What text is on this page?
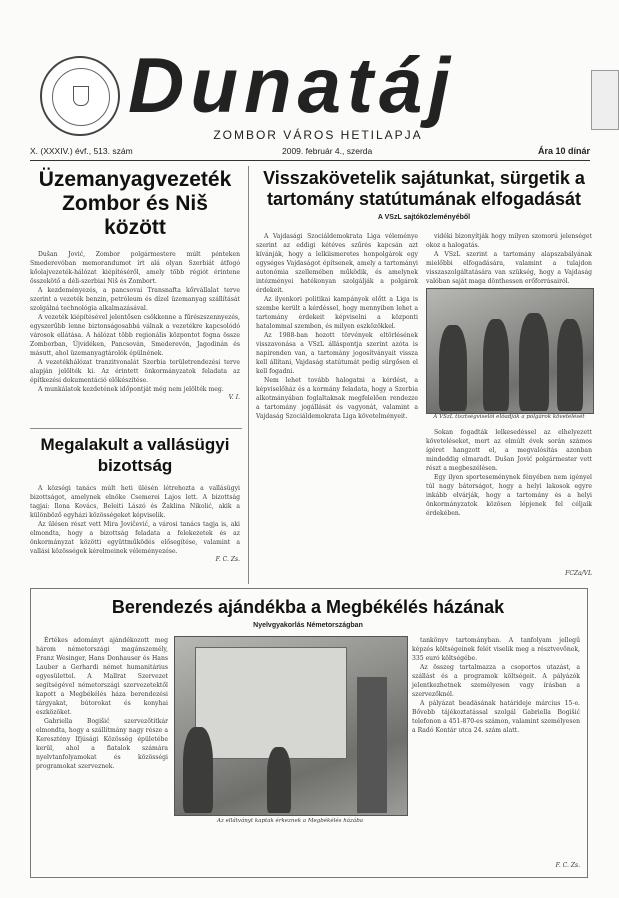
Dunatáj
ZOMBOR VÁROS HETILAPJA
X. (XXXIV.) évf., 513. szám	2009. február 4., szerda	Ára 10 dínár
Üzemanyagvezeték Zombor és Niš között

Dušan Jović, Zombor polgármestere múlt pénteken Smederevóban memorandumot írt alá olyan Szerbiát átfogó kőolajvezeték-hálózat kiépítéséről, amely több régiót érintene összekötő a déli-szerbiai Niš és Zombort.

A kezdeményezés, a pancsovai Transnafta kőrvállalat terve szerint a vezeték benzin, petróleum és dízel üzemanyag szállítását szolgálná technológia alkalmazásával.

A vezeték kiépítésével jelentősen csökkenne a fűrészszennyezés, egyszerűbb lenne biztonságosabbá válnak a vezetékre kapcsolódó városok ellátása. A hálózat több regionális központot fogna össze Zomborban, Újvidéken, Pancsován, Smederevón, Jagodinán és másutt, ahol üzemanyagtárolók épülnének.

A vezetékhálózat tranzitvonalát Szerbia területrendezési terve alapján jelölték ki. Az érintett önkormányzatok feladata az építkezési dokumentáció előkészítése.

A munkálatok kezdetének időpontját még nem jelölték meg.

V. I.
Megalakult a vallásügyi bizottság

A községi tanács múlt heti ülésén létrehozta a vallásügyi bizottságot, amelynek elnöke Csemerei Lajos lett. A bizottság tagjai: Ilona Kovács, Beleiti Lászó és Žaklina Nikolić, akik a különböző egyházi közösségeket képviselik.

Az ülésen részt vett Mira Jovičević, a városi tanács tagja is, aki elmondta, hogy a bizottság feladata a felekezetek és az önkormányzat közötti együttműködés elősegítése, valamint a vallási közösségek kérelmeinek véleményezése.

F. C. Zs.
Visszakövetelik sajátunkat, sürgetik a tartomány statútumának elfogadását
A VSzL sajtóközleményéből

A Vajdasági Szociáldemokrata Liga véleménye szerint az eddigi kétéves szűrés kapcsán azt kívánják, hogy a lelkiismeretes honpolgárok egy egységes Vajdaságot építsenek, amely a tartományi autonómia szellemében működik, és amelynek intézményei hatékonyan szolgálják a polgárok érdekeit.

Az ilyenkori politikai kampányok előtt a Liga is szembe került a kérdéssel, hogy mennyiben lehet a tartomány érdekeit képviselni a központi hatalommal szemben, és milyen eszközökkel.

Az 1988-ban hozott törvények eltörlésének visszavonása a VSzL álláspontja szerint azóta is napirenden van, a tartomány jogosítványait vissza kell állítani, Vajdaság statútumát pedig sürgősen el kell fogadni.

Nem lehet tovább halogatni a kérdést, a képviselőház és a kormány feladata, hogy a Szerbia alkotmányában foglaltaknak megfelelően rendezze a tartomány jogállását és vagyonát, valamint a Vajdaság Szociáldemokrata Liga követelményeit.

vidéki bizonyítják hogy milyen szomorú jelenséget okoz a halogatás.

A VSzL szerint a tartomány alapszabályának mielőbbi elfogadására, valamint a tulajdon visszaszolgáltatására van szükség, hogy a Vajdaság valóban saját maga dönthessen erőforrásairól.

A VSzL tisztségviselői előadják a polgárok követelését

Sokan fogadták lelkesedéssel az elhelyezett követeléseket, mert az elmúlt évek során számos ígéret hangzott el, a megvalósítás azonban mindeddig elmaradt. Dušan Jović polgármester vett részt a megbeszélésen.

Egy ilyen sporteseménynek fényében nem igényel túl nagy bátorságot, hogy a helyi lakosok egyre inkább elvárják, hogy a tartomány és a helyi önkormányzatok közösen lépjenek fel céljaik érdekében.

FCZa/VL
Berendezés ajándékba a Megbékélés házának
Nyelvgyakorlás Németországban

Értékes adományt ajándékozott meg három németországi magánszemély, Franz Wesinger, Hans Donhauser és Hans Lauber a Gerhardi német humanitárius egyesülettel. A Mallrat Szervezet segítségével németországi szervezetektől kapott a Megbékélés háza berendezési tárgyakat, bútorokat és konyhai eszközöket.

Gabriella Bogišić szervezőtitkár elmondta, hogy a szállítmány nagy része a Keresztény Ifjúsági Közösség épületébe kerül, ahol a fiatalok számára nyelvtanfolyamokat és közösségi programokat szerveznek.

Az ellátványt kaptak érkeznek a Megbékélés házába

tankönyv tartományban. A tanfolyam jellegű képzés költségeinek felét viselik meg a résztvevőnek, 335 euró költségébe.

Az összeg tartalmazza a csoportos utazást, a szállást és a programok költségeit. A pályázók jelentkezhetnek személyesen vagy írásban a szervezőknél.

A pályázat beadásának határideje március 15-e. Bővebb tájékoztatással szolgál Gabriella Bogišić telefonon a 451-870-es számon, valamint személyesen a Radó Kontár utca 24. szám alatt.

F. C. Zs.
